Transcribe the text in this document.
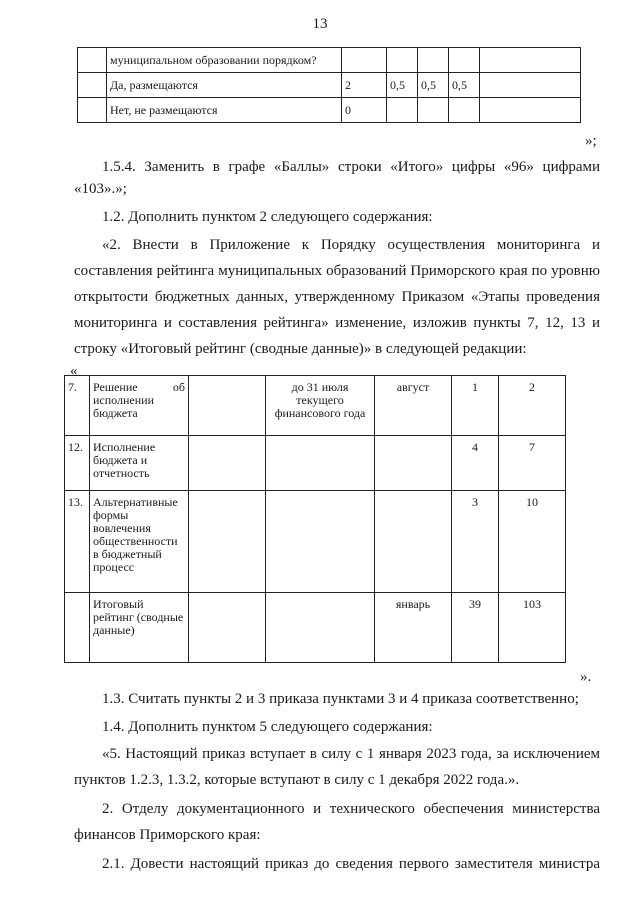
13
	муниципальном образовании порядком?					
	Да, размещаются	2	0,5	0,5	0,5	
	Нет, не размещаются	0				
»;
1.5.4. Заменить в графе «Баллы» строки «Итого» цифры «96» цифрами
«103».»;
1.2. Дополнить пунктом 2 следующего содержания:
«2. Внести в Приложение к Порядку осуществления мониторинга и
составления рейтинга муниципальных образований Приморского края по уровню
открытости бюджетных данных, утвержденному Приказом «Этапы проведения
мониторинга и составления рейтинга» изменение, изложив пункты 7, 12, 13 и
строку «Итоговый рейтинг (сводные данные)» в следующей редакции:
«
7.	Решение об исполнении бюджета		до 31 июля текущего финансового года	август	1	2
12.	Исполнение бюджета и отчетность				4	7
13.	Альтернативные формы вовлечения общественности в бюджетный процесс				3	10
	Итоговый рейтинг (сводные данные)			январь	39	103
».
1.3. Считать пункты 2 и 3 приказа пунктами 3 и 4 приказа соответственно;
1.4. Дополнить пунктом 5 следующего содержания:
«5. Настоящий приказ вступает в силу с 1 января 2023 года, за исключением
пунктов 1.2.3, 1.3.2, которые вступают в силу с 1 декабря 2022 года.».
2. Отделу документационного и технического обеспечения министерства
финансов Приморского края:
2.1. Довести настоящий приказ до сведения первого заместителя министра
